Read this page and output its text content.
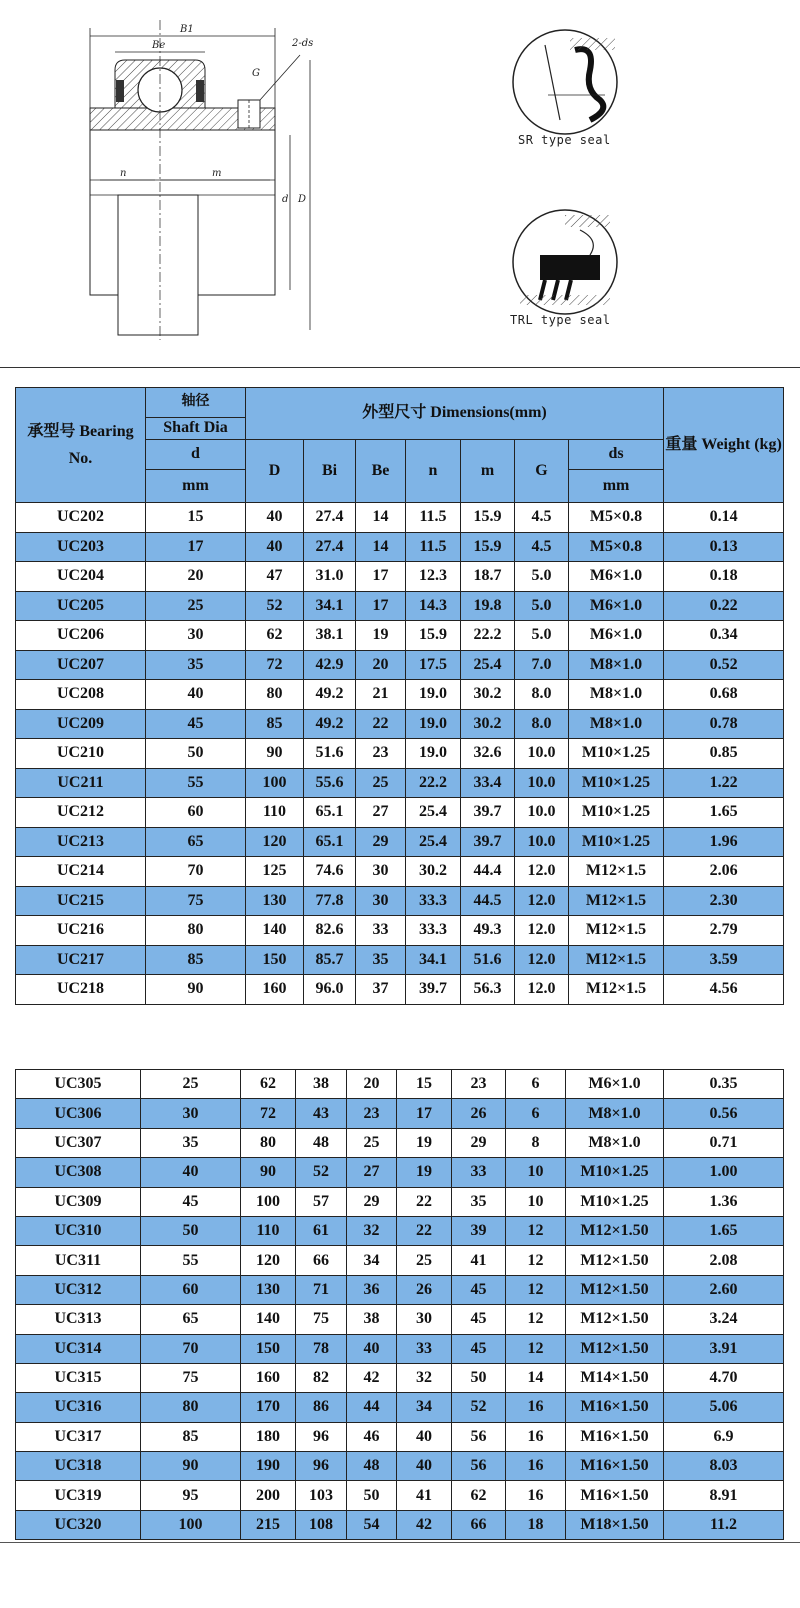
B1
Be	2-ds
G
n	m
d D
SR type seal
TRL type seal
承型号 Bearing No.	轴径	外型尺寸 Dimensions(mm)							重量 Weight (kg)
	Shaft Dia								
	d	D	Bi	Be	n	m	G	ds	
	mm							mm	
UC202	15	40	27.4	14	11.5	15.9	4.5	M5×0.8	0.14
UC203	17	40	27.4	14	11.5	15.9	4.5	M5×0.8	0.13
UC204	20	47	31.0	17	12.3	18.7	5.0	M6×1.0	0.18
UC205	25	52	34.1	17	14.3	19.8	5.0	M6×1.0	0.22
UC206	30	62	38.1	19	15.9	22.2	5.0	M6×1.0	0.34
UC207	35	72	42.9	20	17.5	25.4	7.0	M8×1.0	0.52
UC208	40	80	49.2	21	19.0	30.2	8.0	M8×1.0	0.68
UC209	45	85	49.2	22	19.0	30.2	8.0	M8×1.0	0.78
UC210	50	90	51.6	23	19.0	32.6	10.0	M10×1.25	0.85
UC211	55	100	55.6	25	22.2	33.4	10.0	M10×1.25	1.22
UC212	60	110	65.1	27	25.4	39.7	10.0	M10×1.25	1.65
UC213	65	120	65.1	29	25.4	39.7	10.0	M10×1.25	1.96
UC214	70	125	74.6	30	30.2	44.4	12.0	M12×1.5	2.06
UC215	75	130	77.8	30	33.3	44.5	12.0	M12×1.5	2.30
UC216	80	140	82.6	33	33.3	49.3	12.0	M12×1.5	2.79
UC217	85	150	85.7	35	34.1	51.6	12.0	M12×1.5	3.59
UC218	90	160	96.0	37	39.7	56.3	12.0	M12×1.5	4.56
UC305	25	62	38	20	15	23	6	M6×1.0	0.35
UC306	30	72	43	23	17	26	6	M8×1.0	0.56
UC307	35	80	48	25	19	29	8	M8×1.0	0.71
UC308	40	90	52	27	19	33	10	M10×1.25	1.00
UC309	45	100	57	29	22	35	10	M10×1.25	1.36
UC310	50	110	61	32	22	39	12	M12×1.50	1.65
UC311	55	120	66	34	25	41	12	M12×1.50	2.08
UC312	60	130	71	36	26	45	12	M12×1.50	2.60
UC313	65	140	75	38	30	45	12	M12×1.50	3.24
UC314	70	150	78	40	33	45	12	M12×1.50	3.91
UC315	75	160	82	42	32	50	14	M14×1.50	4.70
UC316	80	170	86	44	34	52	16	M16×1.50	5.06
UC317	85	180	96	46	40	56	16	M16×1.50	6.9
UC318	90	190	96	48	40	56	16	M16×1.50	8.03
UC319	95	200	103	50	41	62	16	M16×1.50	8.91
UC320	100	215	108	54	42	66	18	M18×1.50	11.2
